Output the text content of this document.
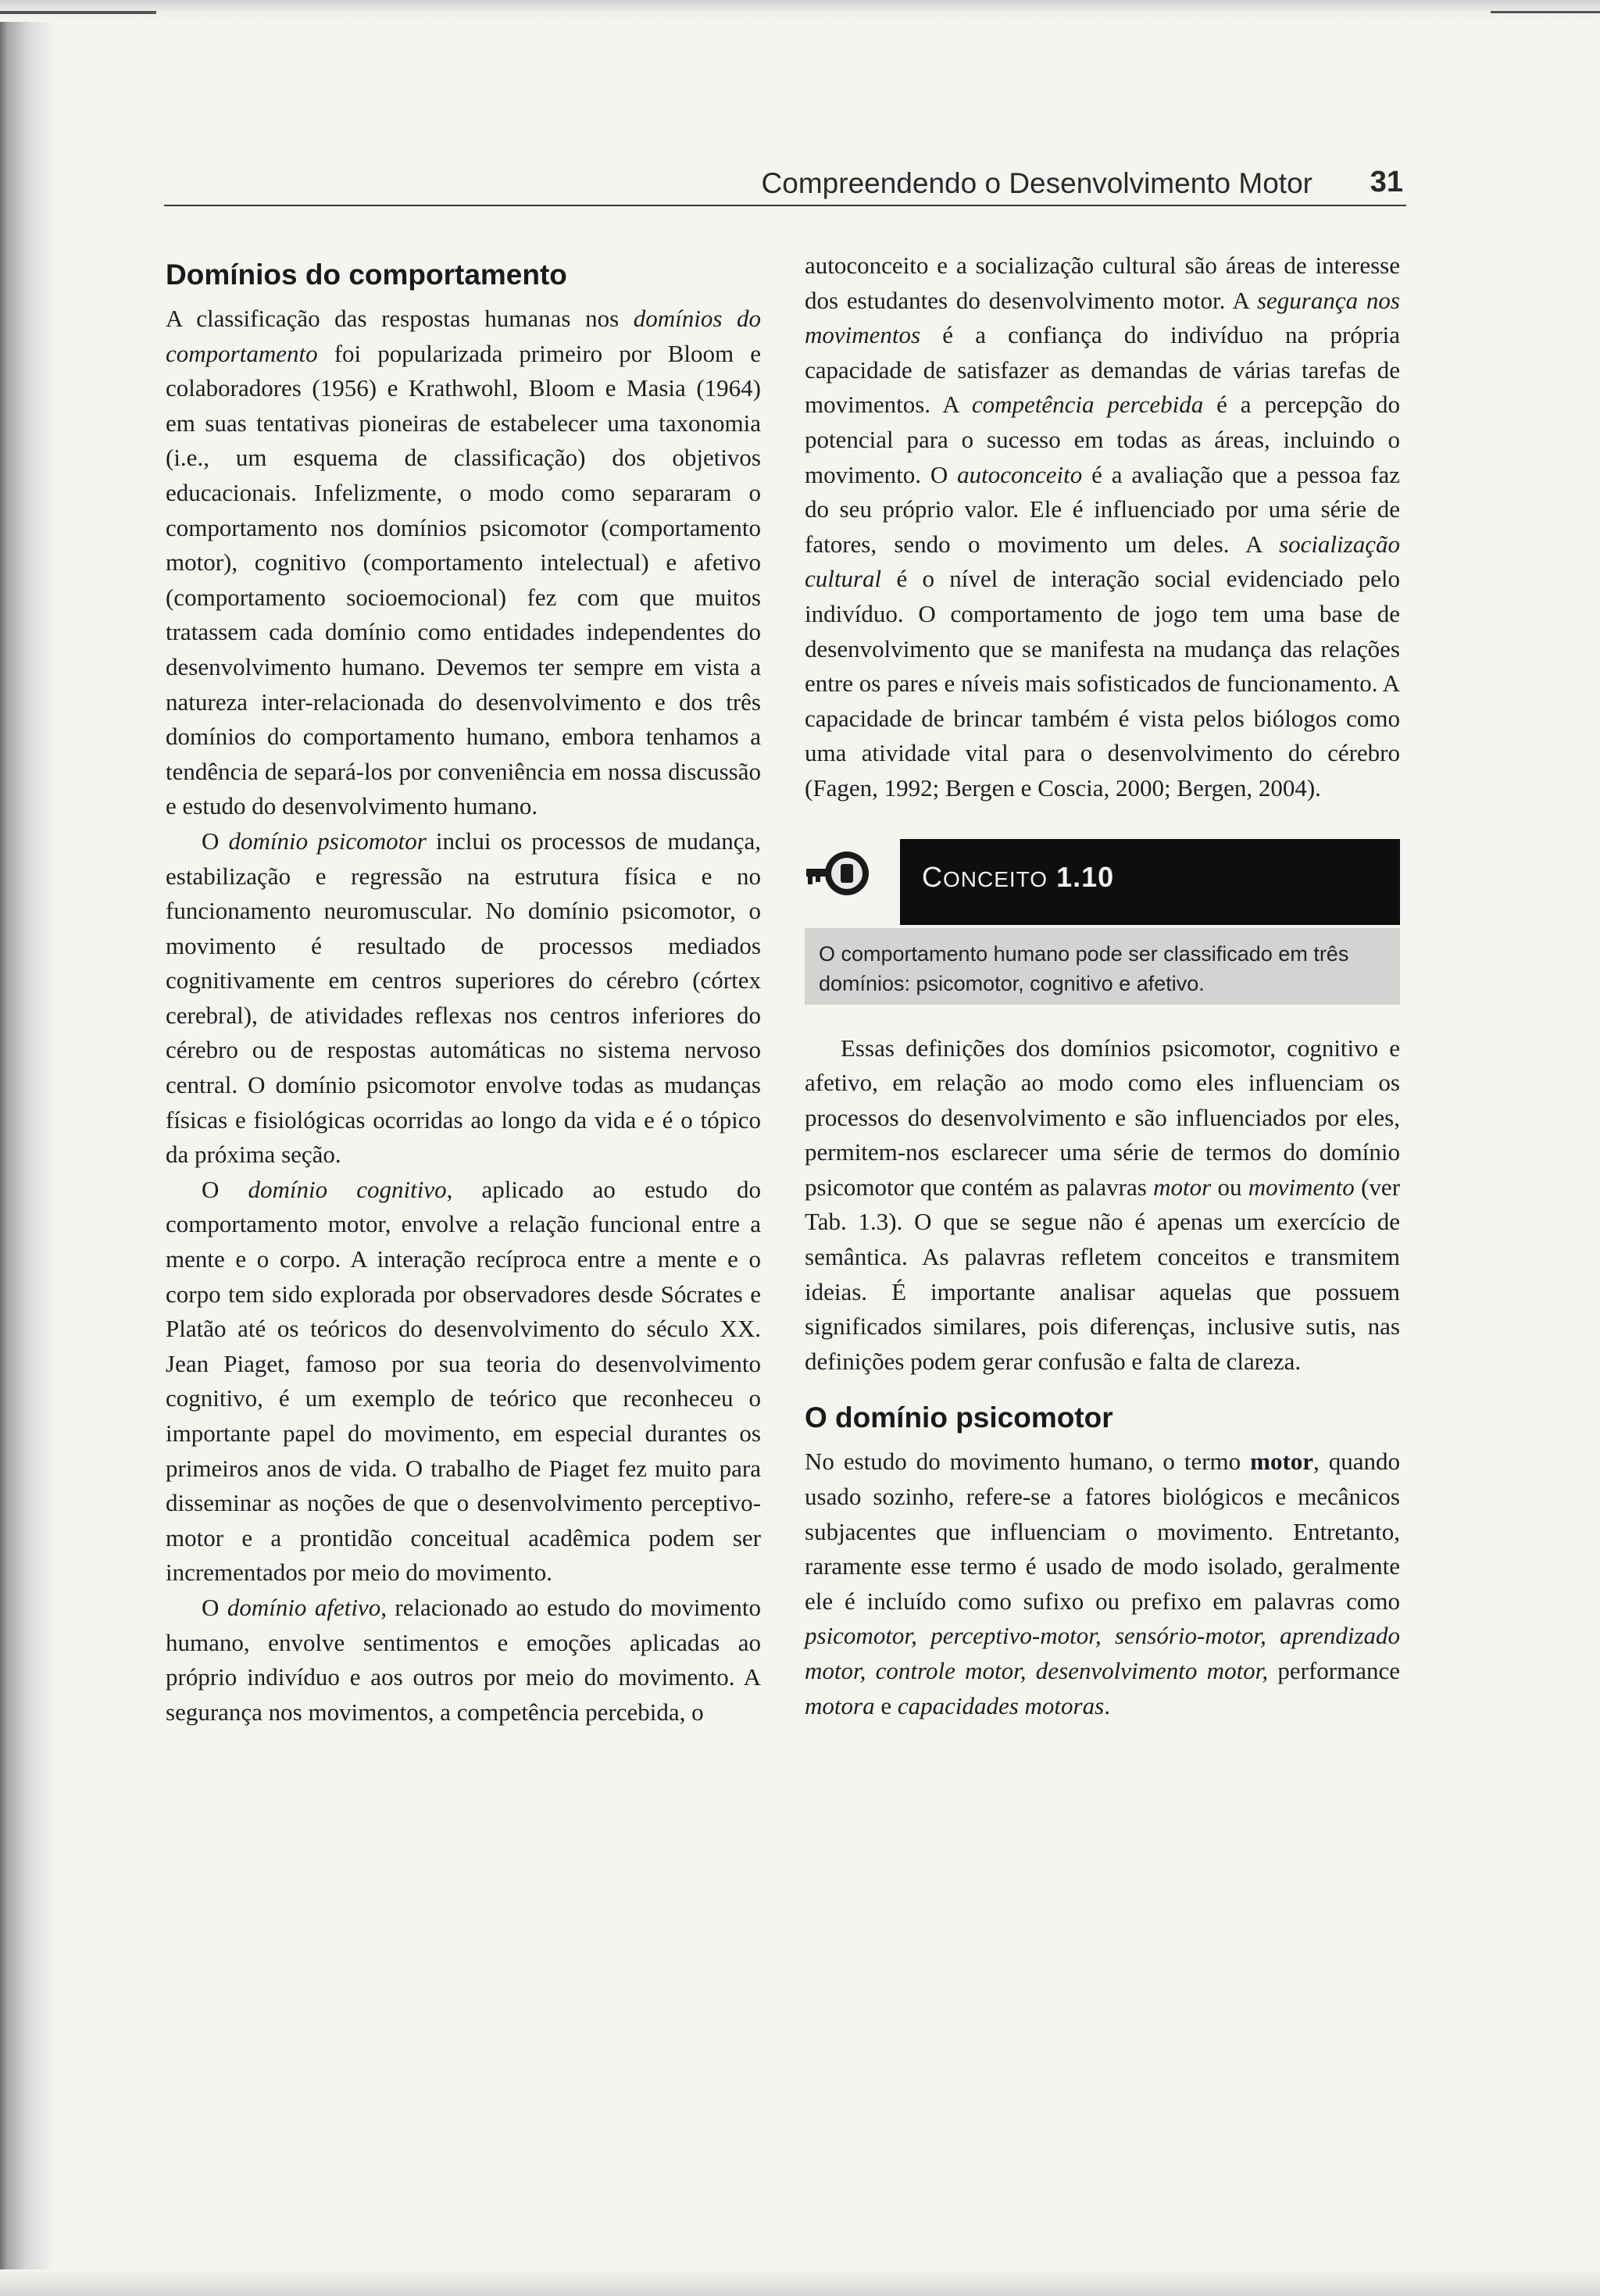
Compreendendo o Desenvolvimento Motor 31
Domínios do comportamento

A classificação das respostas humanas nos domínios do comportamento foi popularizada primeiro por Bloom e colaboradores (1956) e Krathwohl, Bloom e Masia (1964) em suas tentativas pioneiras de estabelecer uma taxonomia (i.e., um esquema de classificação) dos objetivos educacionais. Infelizmente, o modo como separaram o comportamento nos domínios psicomotor (comportamento motor), cognitivo (comportamento intelectual) e afetivo (comportamento socioemocional) fez com que muitos tratassem cada domínio como entidades independentes do desenvolvimento humano. Devemos ter sempre em vista a natureza inter-relacionada do desenvolvimento e dos três domínios do comportamento humano, embora tenhamos a tendência de separá-los por conveniência em nossa discussão e estudo do desenvolvimento humano.

O domínio psicomotor inclui os processos de mudança, estabilização e regressão na estrutura física e no funcionamento neuromuscular. No domínio psicomotor, o movimento é resultado de processos mediados cognitivamente em centros superiores do cérebro (córtex cerebral), de atividades reflexas nos centros inferiores do cérebro ou de respostas automáticas no sistema nervoso central. O domínio psicomotor envolve todas as mudanças físicas e fisiológicas ocorridas ao longo da vida e é o tópico da próxima seção.

O domínio cognitivo, aplicado ao estudo do comportamento motor, envolve a relação funcional entre a mente e o corpo. A interação recíproca entre a mente e o corpo tem sido explorada por observadores desde Sócrates e Platão até os teóricos do desenvolvimento do século XX. Jean Piaget, famoso por sua teoria do desenvolvimento cognitivo, é um exemplo de teórico que reconheceu o importante papel do movimento, em especial durantes os primeiros anos de vida. O trabalho de Piaget fez muito para disseminar as noções de que o desenvolvimento perceptivo-motor e a prontidão conceitual acadêmica podem ser incrementados por meio do movimento.

O domínio afetivo, relacionado ao estudo do movimento humano, envolve sentimentos e emoções aplicadas ao próprio indivíduo e aos outros por meio do movimento. A segurança nos movimentos, a competência percebida, o

autoconceito e a socialização cultural são áreas de interesse dos estudantes do desenvolvimento motor. A segurança nos movimentos é a confiança do indivíduo na própria capacidade de satisfazer as demandas de várias tarefas de movimentos. A competência percebida é a percepção do potencial para o sucesso em todas as áreas, incluindo o movimento. O autoconceito é a avaliação que a pessoa faz do seu próprio valor. Ele é influenciado por uma série de fatores, sendo o movimento um deles. A socialização cultural é o nível de interação social evidenciado pelo indivíduo. O comportamento de jogo tem uma base de desenvolvimento que se manifesta na mudança das relações entre os pares e níveis mais sofisticados de funcionamento. A capacidade de brincar também é vista pelos biólogos como uma atividade vital para o desenvolvimento do cérebro (Fagen, 1992; Bergen e Coscia, 2000; Bergen, 2004).

CONCEITO 1.10
O comportamento humano pode ser classificado em três domínios: psicomotor, cognitivo e afetivo.

Essas definições dos domínios psicomotor, cognitivo e afetivo, em relação ao modo como eles influenciam os processos do desenvolvimento e são influenciados por eles, permitem-nos esclarecer uma série de termos do domínio psicomotor que contém as palavras motor ou movimento (ver Tab. 1.3). O que se segue não é apenas um exercício de semântica. As palavras refletem conceitos e transmitem ideias. É importante analisar aquelas que possuem significados similares, pois diferenças, inclusive sutis, nas definições podem gerar confusão e falta de clareza.

O domínio psicomotor

No estudo do movimento humano, o termo motor, quando usado sozinho, refere-se a fatores biológicos e mecânicos subjacentes que influenciam o movimento. Entretanto, raramente esse termo é usado de modo isolado, geralmente ele é incluído como sufixo ou prefixo em palavras como psicomotor, perceptivo-motor, sensório-motor, aprendizado motor, controle motor, desenvolvimento motor, performance motora e capacidades motoras.
